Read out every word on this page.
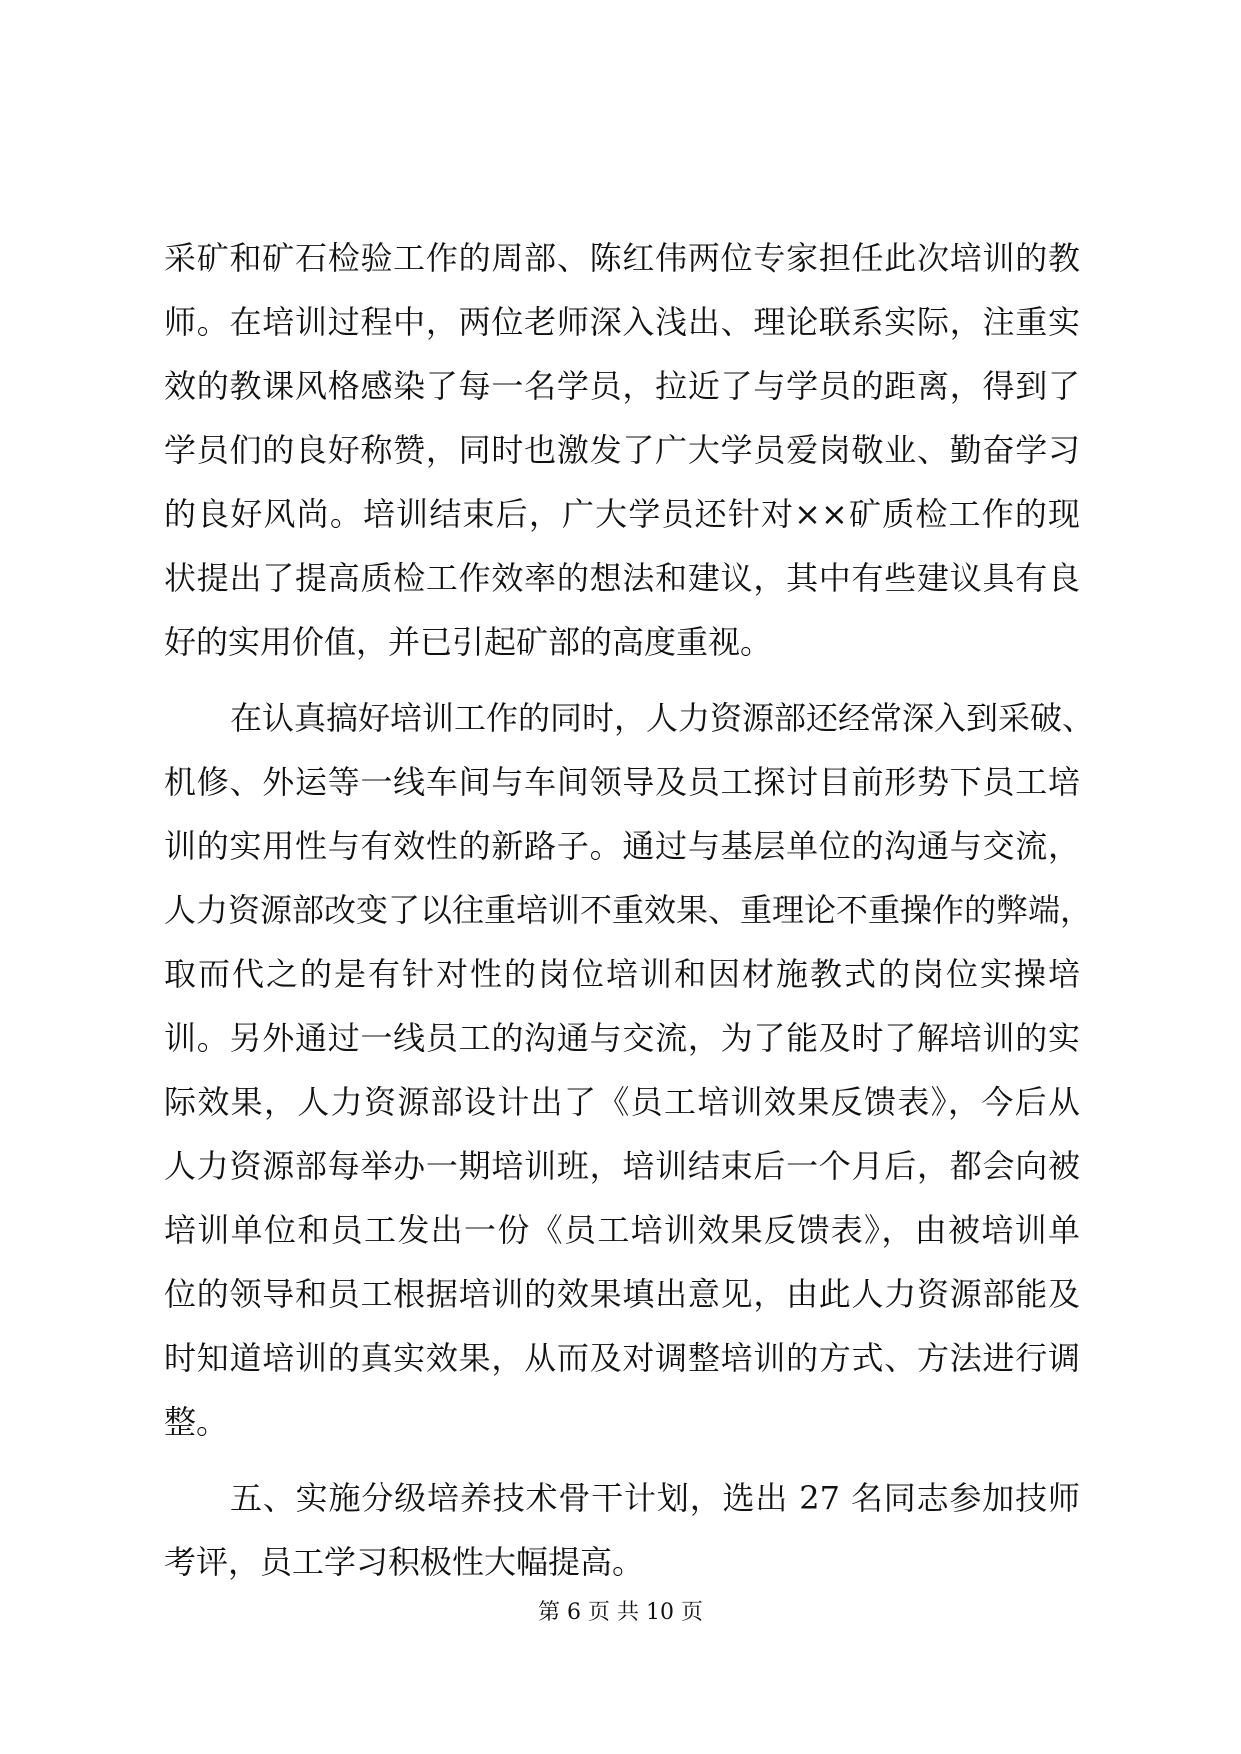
采矿和矿石检验工作的周部、陈红伟两位专家担任此次培训的教
师。在培训过程中，两位老师深入浅出、理论联系实际，注重实
效的教课风格感染了每一名学员，拉近了与学员的距离，得到了
学员们的良好称赞，同时也激发了广大学员爱岗敬业、勤奋学习
的良好风尚。培训结束后，广大学员还针对××矿质检工作的现
状提出了提高质检工作效率的想法和建议，其中有些建议具有良
好的实用价值，并已引起矿部的高度重视。
在认真搞好培训工作的同时，人力资源部还经常深入到采破、
机修、外运等一线车间与车间领导及员工探讨目前形势下员工培
训的实用性与有效性的新路子。通过与基层单位的沟通与交流，
人力资源部改变了以往重培训不重效果、重理论不重操作的弊端，
取而代之的是有针对性的岗位培训和因材施教式的岗位实操培
训。另外通过一线员工的沟通与交流，为了能及时了解培训的实
际效果，人力资源部设计出了《员工培训效果反馈表》，今后从
人力资源部每举办一期培训班，培训结束后一个月后，都会向被
培训单位和员工发出一份《员工培训效果反馈表》，由被培训单
位的领导和员工根据培训的效果填出意见，由此人力资源部能及
时知道培训的真实效果，从而及对调整培训的方式、方法进行调
整。
五、实施分级培养技术骨干计划，选出 27 名同志参加技师
考评，员工学习积极性大幅提高。
第 6 页 共 10 页
